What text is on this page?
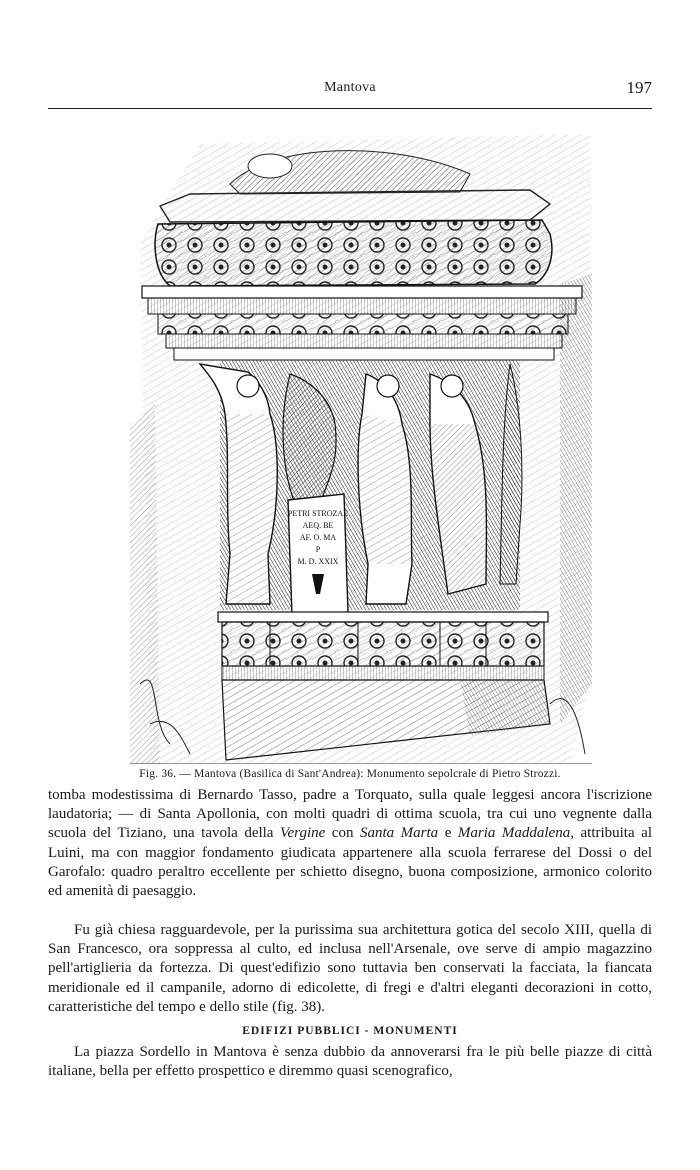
Mantova	197
PETRI STROZAE
AEQ. BE
AF. O. MA
P
M. D. XXIX
Fig. 36. — Mantova (Basilica di Sant'Andrea): Monumento sepolcrale di Pietro Strozzi.

tomba modestissima di Bernardo Tasso, padre a Torquato, sulla quale leggesi ancora l'iscrizione laudatoria; — di Santa Apollonia, con molti quadri di ottima scuola, tra cui uno vegnente dalla scuola del Tiziano, una tavola della Vergine con Santa Marta e Maria Maddalena, attribuita al Luini, ma con maggior fondamento giudicata appartenere alla scuola ferrarese del Dossi o del Garofalo: quadro peraltro eccellente per schietto disegno, buona composizione, armonico colorito ed amenità di paesaggio.

Fu già chiesa ragguardevole, per la purissima sua architettura gotica del secolo XIII, quella di San Francesco, ora soppressa al culto, ed inclusa nell'Arsenale, ove serve di ampio magazzino pell'artiglieria da fortezza. Di quest'edifizio sono tuttavia ben conservati la facciata, la fiancata meridionale ed il campanile, adorno di edicolette, di fregi e d'altri eleganti decorazioni in cotto, caratteristiche del tempo e dello stile (fig. 38).

EDIFIZI PUBBLICI - MONUMENTI

La piazza Sordello in Mantova è senza dubbio da annoverarsi fra le più belle piazze di città italiane, bella per effetto prospettico e diremmo quasi scenografico,
